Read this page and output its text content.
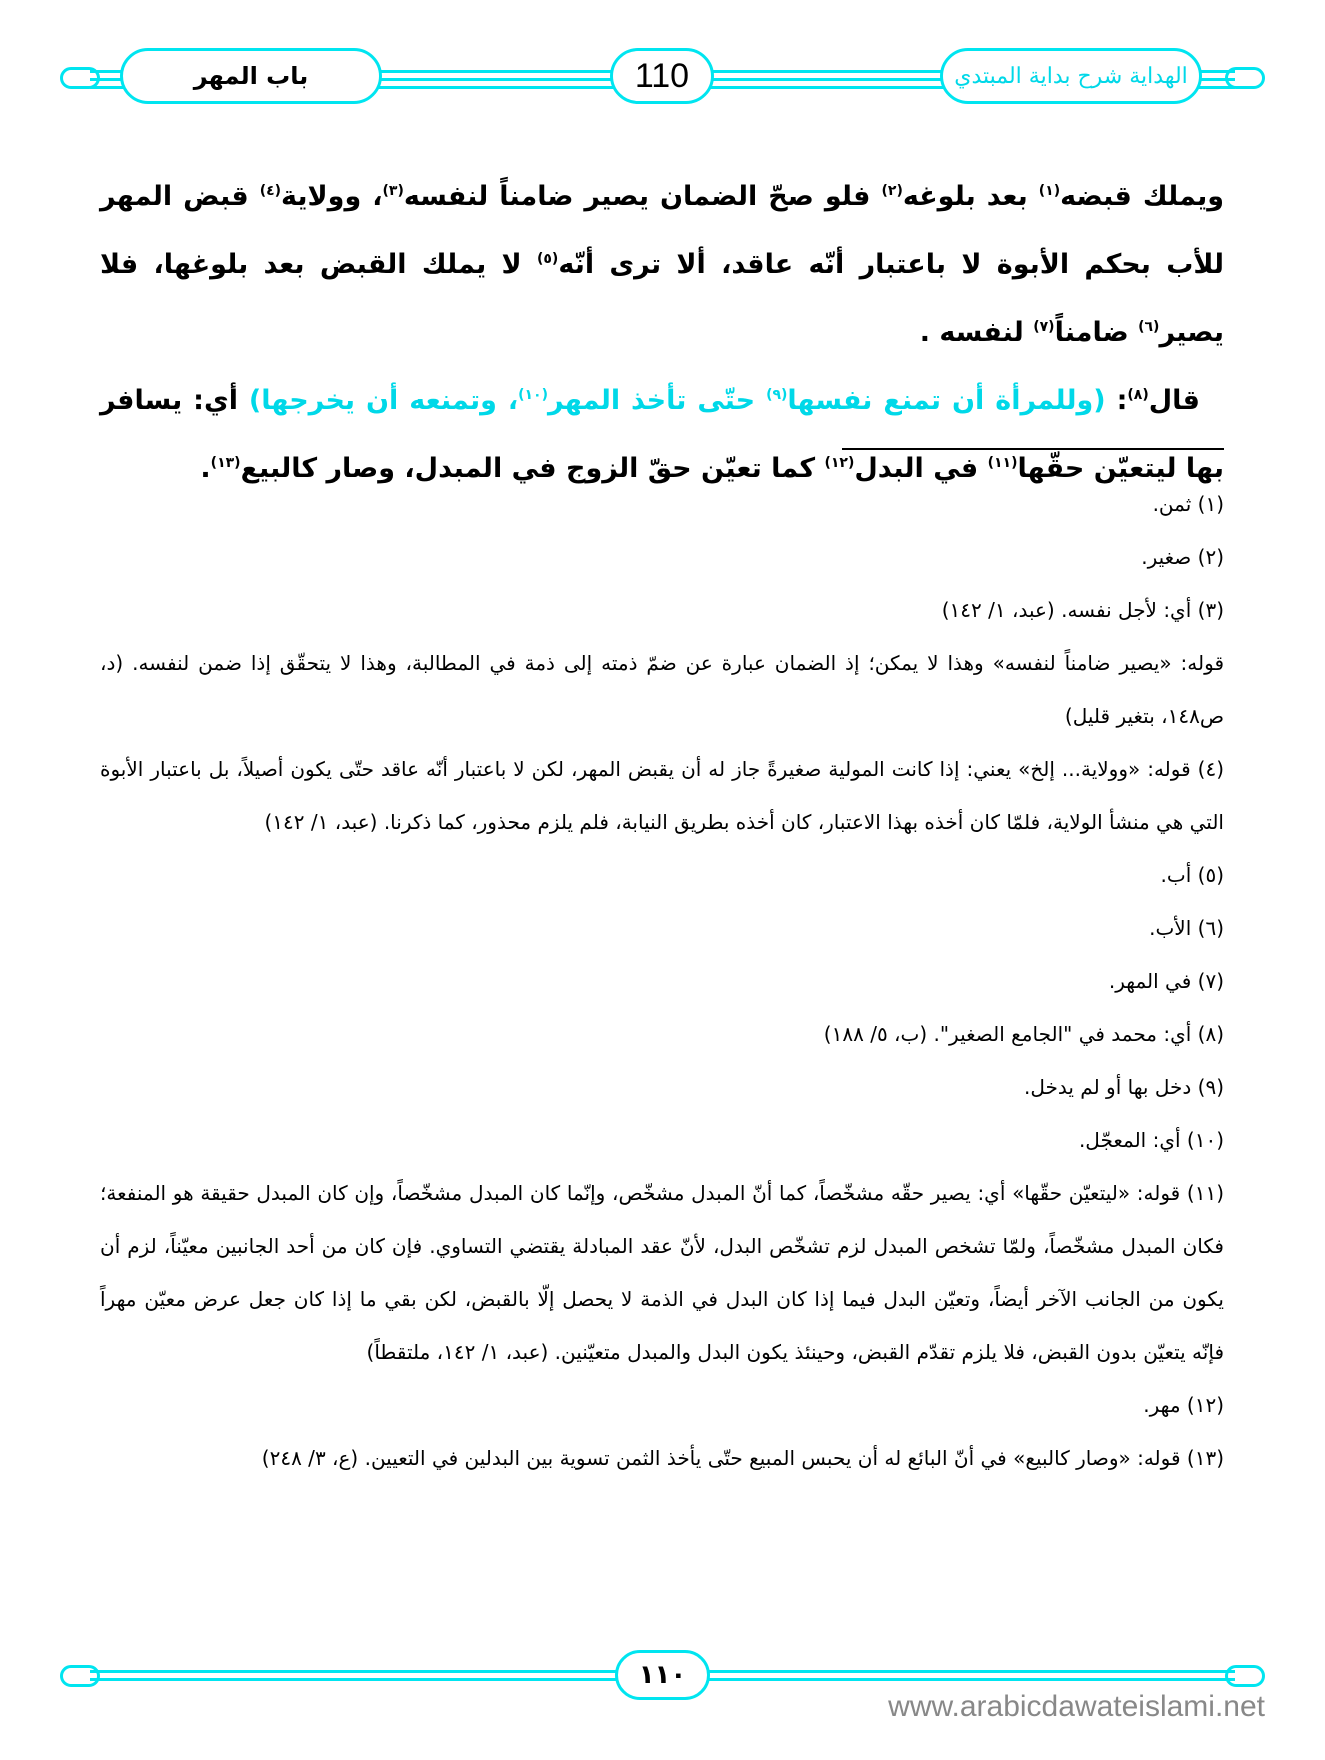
باب المهر	110	الهداية شرح بداية المبتدي

ويملك قبضه$^{(١)}$ بعد بلوغه$^{(٢)}$ فلو صحّ الضمان يصير ضامناً لنفسه$^{(٣)}$، وولاية$^{(٤)}$ قبض المهر للأب بحكم الأبوة لا باعتبار أنّه عاقد، ألا ترى أنّه$^{(٥)}$ لا يملك القبض بعد بلوغها، فلا يصير$^{(٦)}$ ضامناً$^{(٧)}$ لنفسه .

قال$^{(٨)}$: (وللمرأة أن تمنع نفسها$^{(٩)}$ حتّى تأخذ المهر$^{(١٠)}$، وتمنعه أن يخرجها) أي: يسافر بها ليتعيّن حقّها$^{(١١)}$ في البدل$^{(١٢)}$ كما تعيّن حقّ الزوج في المبدل، وصار كالبيع$^{(١٣)}$.

(١) ثمن.

(٢) صغير.

(٣) أي: لأجل نفسه. (عبد، ١/ ١٤٢)

قوله: «يصير ضامناً لنفسه» وهذا لا يمكن؛ إذ الضمان عبارة عن ضمّ ذمته إلى ذمة في المطالبة، وهذا لا يتحقّق إذا ضمن لنفسه. (د، ص١٤٨، بتغير قليل)

(٤) قوله: «وولاية... إلخ» يعني: إذا كانت المولية صغيرةً جاز له أن يقبض المهر، لكن لا باعتبار أنّه عاقد حتّى يكون أصيلاً، بل باعتبار الأبوة التي هي منشأ الولاية، فلمّا كان أخذه بهذا الاعتبار، كان أخذه بطريق النيابة، فلم يلزم محذور، كما ذكرنا. (عبد، ١/ ١٤٢)

(٥) أب.

(٦) الأب.

(٧) في المهر.

(٨) أي: محمد في "الجامع الصغير". (ب، ٥/ ١٨٨)

(٩) دخل بها أو لم يدخل.

(١٠) أي: المعجّل.

(١١) قوله: «ليتعيّن حقّها» أي: يصير حقّه مشخّصاً، كما أنّ المبدل مشخّص، وإنّما كان المبدل مشخّصاً، وإن كان المبدل حقيقة هو المنفعة؛ فكان المبدل مشخّصاً، ولمّا تشخص المبدل لزم تشخّص البدل، لأنّ عقد المبادلة يقتضي التساوي. فإن كان من أحد الجانبين معيّناً، لزم أن يكون من الجانب الآخر أيضاً، وتعيّن البدل فيما إذا كان البدل في الذمة لا يحصل إلّا بالقبض، لكن بقي ما إذا كان جعل عرض معيّن مهراً فإنّه يتعيّن بدون القبض، فلا يلزم تقدّم القبض، وحينئذ يكون البدل والمبدل متعيّنين. (عبد، ١/ ١٤٢، ملتقطاً)

(١٢) مهر.

(١٣) قوله: «وصار كالبيع» في أنّ البائع له أن يحبس المبيع حتّى يأخذ الثمن تسوية بين البدلين في التعيين. (ع، ٣/ ٢٤٨)

١١٠
www.arabicdawateislami.net
